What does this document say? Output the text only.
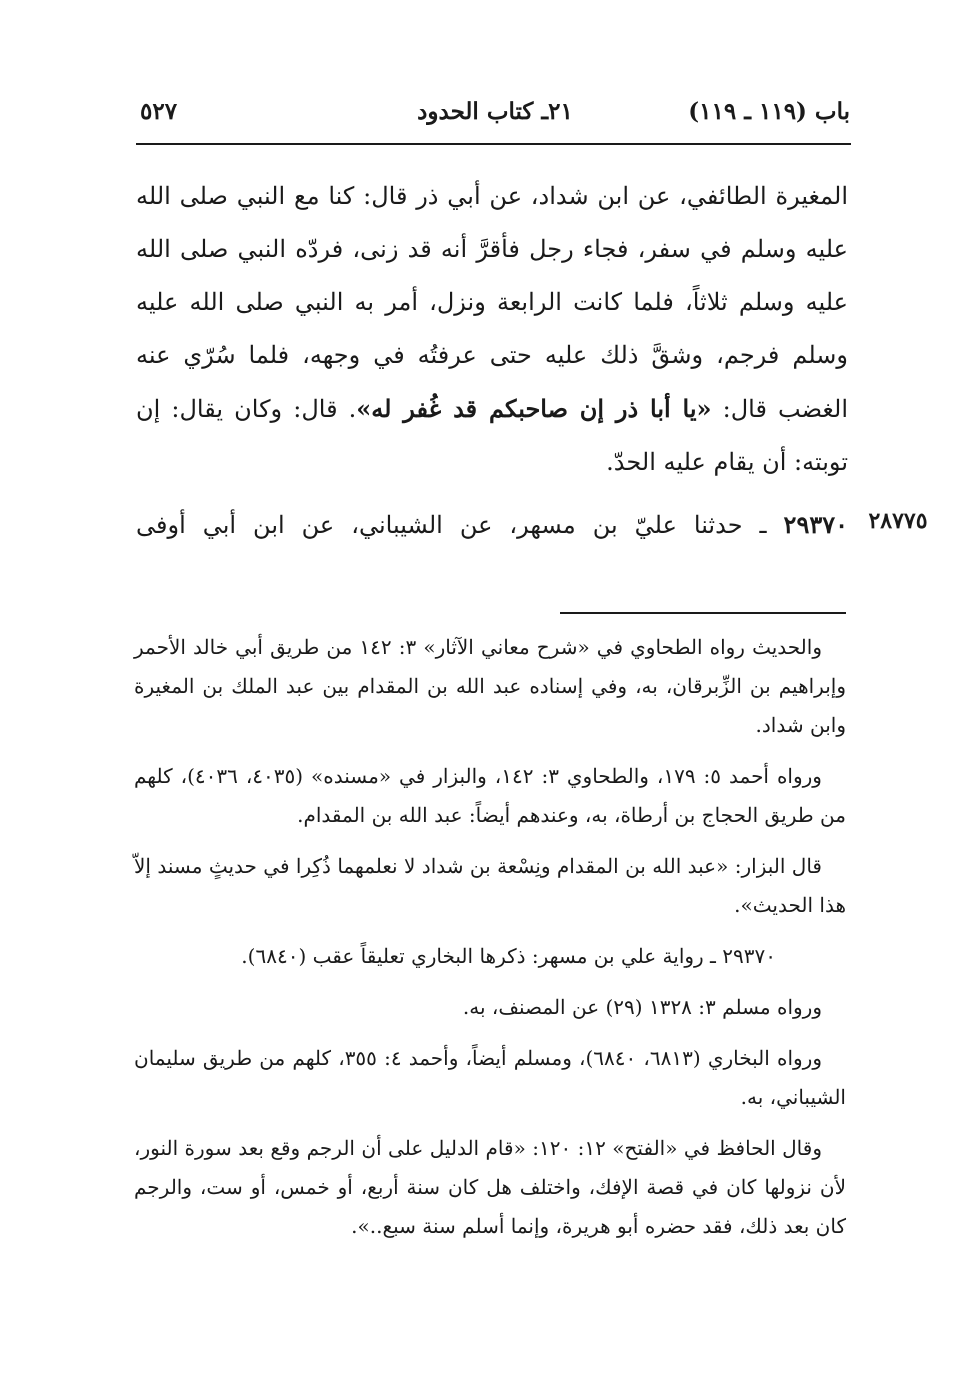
باب (١١٩ ـ ١١٩)
٢١ـ كتاب الحدود
٥٢٧

المغيرة الطائفي، عن ابن شداد، عن أبي ذر قال: كنا مع النبي صلى الله عليه وسلم في سفر، فجاء رجل فأقرَّ أنه قد زنى، فردّه النبي صلى الله عليه وسلم ثلاثاً، فلما كانت الرابعة ونزل، أمر به النبي صلى الله عليه وسلم فرجم، وشقَّ ذلك عليه حتى عرفتُه في وجهه، فلما سُرّي عنه الغضب قال: «يا أبا ذر إن صاحبكم قد غُفر له». قال: وكان يقال: إن توبته: أن يقام عليه الحدّ.

٢٩٣٧٠ ـ حدثنا عليّ بن مسهر، عن الشيباني، عن ابن أبي أوفى	٢٨٧٧٥

والحديث رواه الطحاوي في «شرح معاني الآثار» ٣: ١٤٢ من طريق أبي خالد الأحمر وإبراهيم بن الزِّبرقان، به، وفي إسناده عبد الله بن المقدام بين عبد الملك بن المغيرة وابن شداد.

ورواه أحمد ٥: ١٧٩، والطحاوي ٣: ١٤٢، والبزار في «مسنده» (٤٠٣٥، ٤٠٣٦)، كلهم من طريق الحجاج بن أرطاة، به، وعندهم أيضاً: عبد الله بن المقدام.

قال البزار: «عبد الله بن المقدام ونِسْعة بن شداد لا نعلمهما ذُكِرا في حديثٍ مسند إلاّ هذا الحديث».

٢٩٣٧٠ ـ رواية علي بن مسهر: ذكرها البخاري تعليقاً عقب (٦٨٤٠).

ورواه مسلم ٣: ١٣٢٨ (٢٩) عن المصنف، به.

ورواه البخاري (٦٨١٣، ٦٨٤٠)، ومسلم أيضاً، وأحمد ٤: ٣٥٥، كلهم من طريق سليمان الشيباني، به.

وقال الحافظ في «الفتح» ١٢: ١٢٠: «قام الدليل على أن الرجم وقع بعد سورة النور، لأن نزولها كان في قصة الإفك، واختلف هل كان سنة أربع، أو خمس، أو ست، والرجم كان بعد ذلك، فقد حضره أبو هريرة، وإنما أسلم سنة سبع..».
